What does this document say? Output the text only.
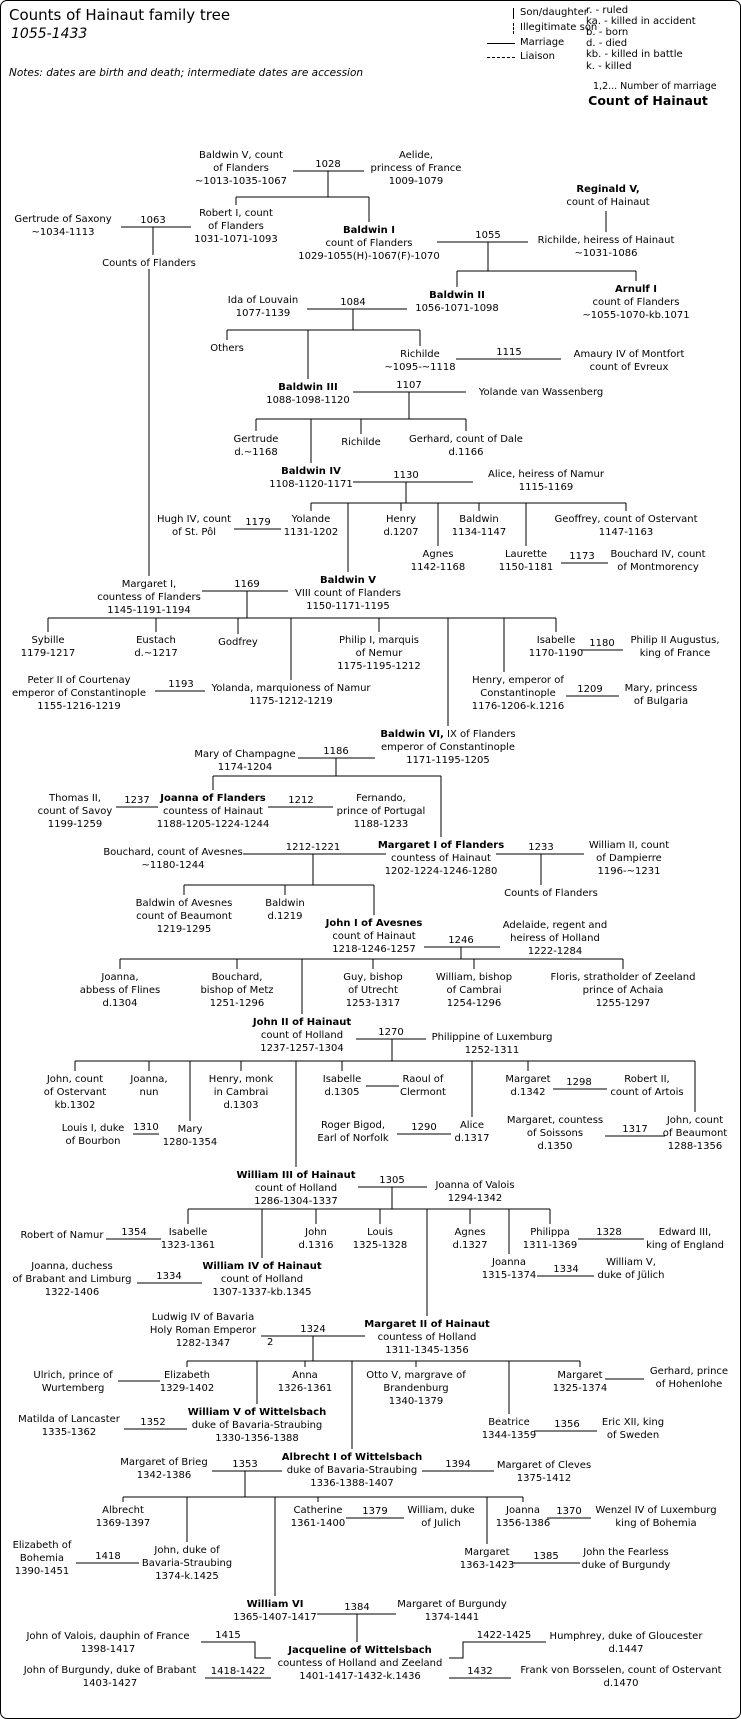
Counts of Hainaut family tree
1055-1433
Notes: dates are birth and death; intermediate dates are accession
Son/daughter
Illegitimate son
Marriage
Liaison
r. - ruled
ka. - killed in accident
b. - born
d. - died
kb. - killed in battle
k. - killed
1,2... Number of marriage
Count of Hainaut
Baldwin V, count
of Flanders
~1013-1035-1067
Aelide,
princess of France
1009-1079
Reginald V,
count of Hainaut
Gertrude of Saxony
~1034-1113
Robert I, count
of Flanders
1031-1071-1093
Baldwin I
count of Flanders
1029-1055(H)-1067(F)-1070
Richilde, heiress of Hainaut
~1031-1086
Counts of Flanders
Ida of Louvain
1077-1139
Baldwin II
1056-1071-1098
Arnulf I
count of Flanders
~1055-1070-kb.1071
Others
Richilde
~1095-~1118
Amaury IV of Montfort
count of Evreux
Baldwin III
1088-1098-1120
Yolande van Wassenberg
Gertrude
d.~1168
Richilde	Gerhard, count of Dale
d.1166
Baldwin IV
1108-1120-1171
Alice, heiress of Namur
1115-1169
Hugh IV, count
of St. Pôl
Yolande
1131-1202
Henry
d.1207
Baldwin
1134-1147
Geoffrey, count of Ostervant
1147-1163
Agnes
1142-1168
Laurette
1150-1181
Bouchard IV, count
of Montmorency
Margaret I,
countess of Flanders
1145-1191-1194
Baldwin V
VIII count of Flanders
1150-1171-1195
Sybille
1179-1217
Eustach
d.~1217
Godfrey	Philip I, marquis
of Nemur
1175-1195-1212
Isabelle
1170-1190
Philip II Augustus,
king of France
Peter II of Courtenay
emperor of Constantinople
1155-1216-1219
Yolanda, marquioness of Namur
1175-1212-1219
Henry, emperor of
Constantinople
1176-1206-k.1216
Mary, princess
of Bulgaria
Mary of Champagne
1174-1204
Baldwin VI, IX of Flanders
emperor of Constantinople
1171-1195-1205
Thomas II,
count of Savoy
1199-1259
Joanna of Flanders
countess of Hainaut
1188-1205-1224-1244
Fernando,
prince of Portugal
1188-1233
Bouchard, count of Avesnes
~1180-1244
Margaret I of Flanders
countess of Hainaut
1202-1224-1246-1280
William II, count
of Dampierre
1196-~1231
Counts of Flanders
Baldwin of Avesnes
count of Beaumont
1219-1295
Baldwin
d.1219
John I of Avesnes
count of Hainaut
1218-1246-1257
Adelaide, regent and
heiress of Holland
1222-1284
Joanna,
abbess of Flines
d.1304
Bouchard,
bishop of Metz
1251-1296
Guy, bishop
of Utrecht
1253-1317
William, bishop
of Cambrai
1254-1296
Floris, stratholder of Zeeland
prince of Achaia
1255-1297
John II of Hainaut
count of Holland
1237-1257-1304
Philippine of Luxemburg
1252-1311
John, count
of Ostervant
kb.1302
Joanna,
nun
Henry, monk
in Cambrai
d.1303
Isabelle
d.1305
Raoul of
Clermont
Margaret
d.1342
Robert II,
count of Artois
Louis I, duke
of Bourbon
Mary
1280-1354
Roger Bigod,
Earl of Norfolk
Alice
d.1317
Margaret, countess
of Soissons
d.1350
John, count
of Beaumont
1288-1356
William III of Hainaut
count of Holland
1286-1304-1337
Joanna of Valois
1294-1342
Robert of Namur	Isabelle
1323-1361
John
d.1316
Louis
1325-1328
Agnes
d.1327
Philippa
1311-1369
Edward III,
king of England
Joanna, duchess
of Brabant and Limburg
1322-1406
William IV of Hainaut
count of Holland
1307-1337-kb.1345
Joanna
1315-1374
William V,
duke of Jülich
Ludwig IV of Bavaria
Holy Roman Emperor
1282-1347
Margaret II of Hainaut
countess of Holland
1311-1345-1356
Ulrich, prince of
Wurtemberg
Elizabeth
1329-1402
Anna
1326-1361
Otto V, margrave of
Brandenburg
1340-1379
Margaret
1325-1374
Gerhard, prince
of Hohenlohe
Matilda of Lancaster
1335-1362
William V of Wittelsbach
duke of Bavaria-Straubing
1330-1356-1388
Beatrice
1344-1359
Eric XII, king
of Sweden
Margaret of Brieg
1342-1386
Albrecht I of Wittelsbach
duke of Bavaria-Straubing
1336-1388-1407
Margaret of Cleves
1375-1412
Albrecht
1369-1397
Catherine
1361-1400
William, duke
of Julich
Joanna
1356-1386
Wenzel IV of Luxemburg
king of Bohemia
Elizabeth of
Bohemia
1390-1451
John, duke of
Bavaria-Straubing
1374-k.1425
Margaret
1363-1423
John the Fearless
duke of Burgundy
William VI
1365-1407-1417
Margaret of Burgundy
1374-1441
Jacqueline of Wittelsbach
countess of Holland and Zeeland
1401-1417-1432-k.1436
John of Valois, dauphin of France
1398-1417
John of Burgundy, duke of Brabant
1403-1427
Humphrey, duke of Gloucester
d.1447
Frank von Borsselen, count of Ostervant
d.1470
1028
1063
1055
1084
1115
1107
1130
1179
1173
1169
1180
1193	1209
1186
1237	1212
1212-1221	1233
1246
1270
1298
1310	1290	1317
1305
1354	1328
1334
1334
1324
2
1352	1356
1353	1394
1379	1370
1418	1385
1384
1415
1418-1422
1422-1425
1432
